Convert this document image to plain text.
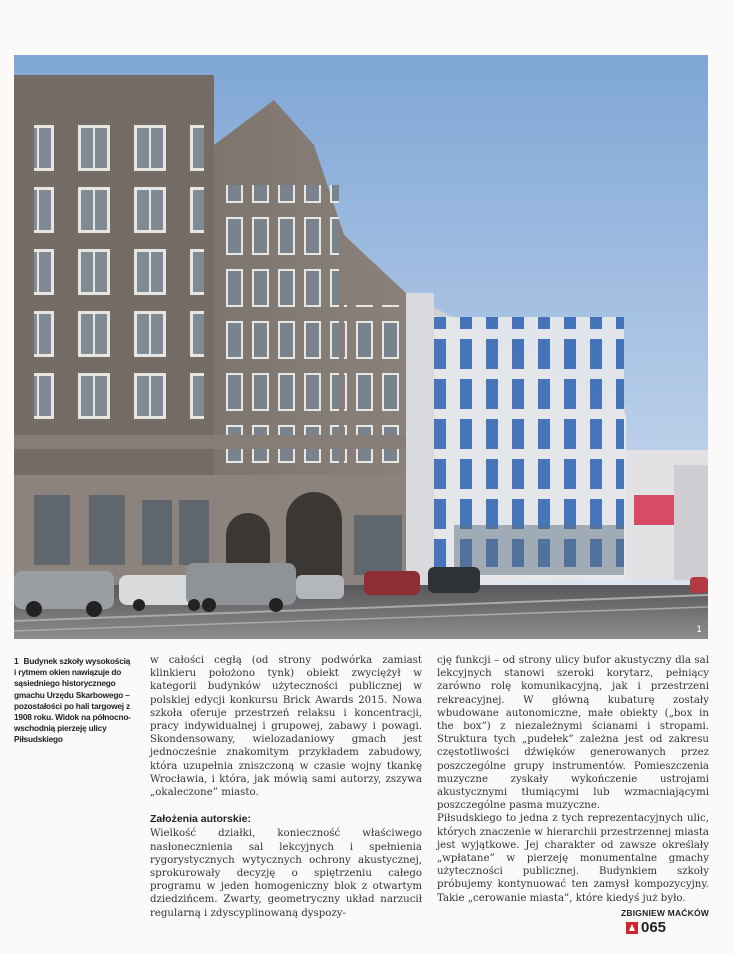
1
1 Budynek szkoły wysokością i rytmem okien nawiązuje do sąsiedniego historycznego gmachu Urzędu Skarbowego – pozostałości po hali targowej z 1908 roku. Widok na północno-wschodnią pierzeję ulicy Piłsudskiego

w całości cegłą (od strony podwórka zamiast klinkieru położono tynk) obiekt zwyciężył w kategorii budynków użyteczności publicznej w polskiej edycji konkursu Brick Awards 2015. Nowa szkoła oferuje przestrzeń relaksu i koncentracji, pracy indywidualnej i grupowej, zabawy i powagi. Skondensowany, wielozadaniowy gmach jest jednocześnie znakomitym przykładem zabudowy, która uzupełnia zniszczoną w czasie wojny tkankę Wrocławia, i która, jak mówią sami autorzy, zszywa „okaleczone” miasto.

Założenia autorskie:

Wielkość działki, konieczność właściwego nasłonecznienia sal lekcyjnych i spełnienia rygorystycznych wytycznych ochrony akustycznej, sprokurowały decyzję o spiętrzeniu całego programu w jeden homogeniczny blok z otwartym dziedzińcem. Zwarty, geometryczny układ narzucił regularną i zdyscyplinowaną dyspozy-

cję funkcji – od strony ulicy bufor akustyczny dla sal lekcyjnych stanowi szeroki korytarz, pełniący zarówno rolę komunikacyjną, jak i przestrzeni rekreacyjnej. W główną kubaturę zostały wbudowane autonomiczne, małe obiekty („box in the box”) z niezależnymi ścianami i stropami. Struktura tych „pudełek” zależna jest od zakresu częstotliwości dźwięków generowanych przez poszczególne grupy instrumentów. Pomieszczenia muzyczne zyskały wykończenie ustrojami akustycznymi tłumiącymi lub wzmacniającymi poszczególne pasma muzyczne.

Piłsudskiego to jedna z tych reprezentacyjnych ulic, których znaczenie w hierarchii przestrzennej miasta jest wyjątkowe. Jej charakter od zawsze określały „wpłatane” w pierzeję monumentalne gmachy użyteczności publicznej. Budynkiem szkoły próbujemy kontynuować ten zamysł kompozycyjny. Takie „cerowanie miasta”, które kiedyś już było.

ZBIGNIEW MAĆKÓW
065
